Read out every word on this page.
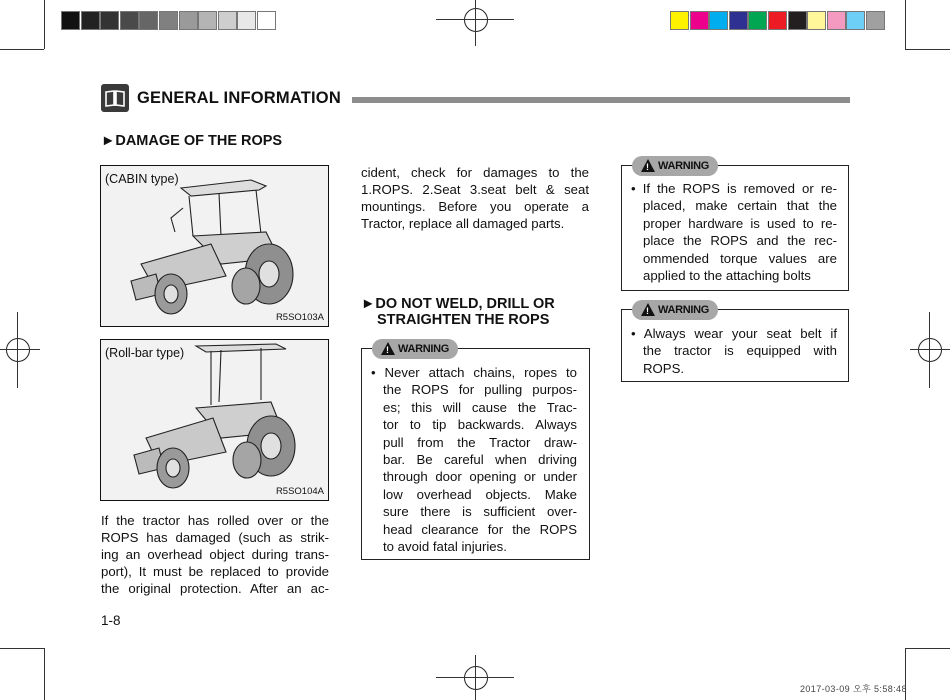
GENERAL INFORMATION
►DAMAGE OF THE ROPS
(CABIN type)
R5SO103A
(Roll-bar type)
R5SO104A
If the tractor has rolled over or the
ROPS has damaged (such as strik-
ing an overhead object during trans-
port), It must be replaced to provide
the original protection. After an ac-
cident, check for damages to the
1.ROPS. 2.Seat 3.seat belt & seat
mountings. Before you operate a
Tractor, replace all damaged parts.
►DO NOT WELD, DRILL OR
STRAIGHTEN THE ROPS
! WARNING
• Never attach chains, ropes to
the ROPS for pulling purpos-
es; this will cause the Trac-
tor to tip backwards. Always
pull from the Tractor draw-
bar. Be careful when driving
through door opening or under
low overhead objects. Make
sure there is sufficient over-
head clearance for the ROPS
to avoid fatal injuries.
! WARNING
• If the ROPS is removed or re-
placed, make certain that the
proper hardware is used to re-
place the ROPS and the rec-
ommended torque values are
applied to the attaching bolts
! WARNING
• Always wear your seat belt if
the tractor is equipped with
ROPS.
1-8
2017-03-09 오후 5:58:48
